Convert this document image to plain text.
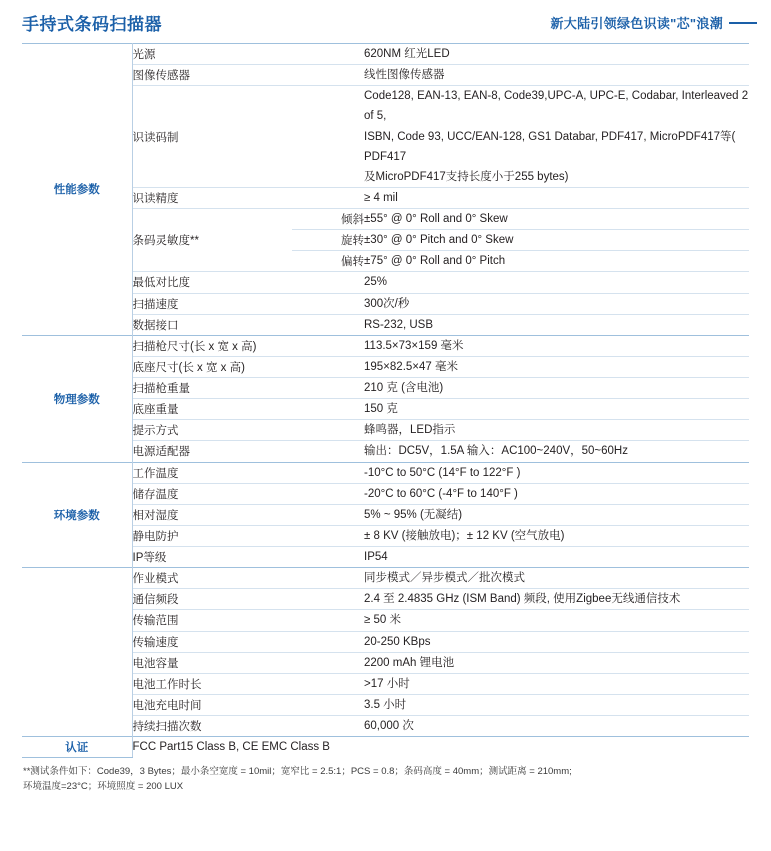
手持式条码扫描器	新大陆引领绿色识读"芯"浪潮
性能参数	光源		620NM 红光LED
	图像传感器		线性图像传感器
	识读码制		Code128, EAN-13, EAN-8, Code39,UPC-A, UPC-E, Codabar, Interleaved 2 of 5,
ISBN, Code 93, UCC/EAN-128, GS1 Databar, PDF417, MicroPDF417等( PDF417
及MicroPDF417支持长度小于255 bytes)

	识读精度		≥ 4 mil
	条码灵敏度**	倾斜	±55° @ 0° Roll and 0° Skew
		旋转	±30° @ 0° Pitch and 0° Skew
		偏转	±75° @ 0° Roll and 0° Pitch
	最低对比度		25%
	扫描速度		300次/秒
	数据接口		RS-232, USB
物理参数	扫描枪尺寸(长 x 宽 x 高)		113.5×73×159 毫米
	底座尺寸(长 x 宽 x 高)		195×82.5×47 毫米
	扫描枪重量		210 克 (含电池)
	底座重量		150 克
	提示方式		蜂鸣器，LED指示
	电源适配器		输出：DC5V，1.5A 输入：AC100~240V，50~60Hz
环境参数	工作温度		-10°C to 50°C (14°F to 122°F )
	储存温度		-20°C to 60°C (-4°F to 140°F )
	相对湿度		5% ~ 95% (无凝结)
	静电防护		± 8 KV (接触放电)；± 12 KV (空气放电)
	IP等级		IP54
	作业模式		同步模式／异步模式／批次模式
	通信频段		2.4 至 2.4835 GHz (ISM Band) 频段, 使用Zigbee无线通信技术
	传输范围		≥ 50 米
	传输速度		20-250 KBps
	电池容量		2200 mAh 锂电池
	电池工作时长		>17 小时
	电池充电时间		3.5 小时
	持续扫描次数		60,000 次
认证	FCC Part15 Class B, CE EMC Class B		
**测试条件如下：Code39，3 Bytes；最小条空宽度 = 10mil；宽窄比 = 2.5:1；PCS = 0.8；条码高度 = 40mm；测试距离 = 210mm;
环境温度=23°C；环境照度 = 200 LUX
